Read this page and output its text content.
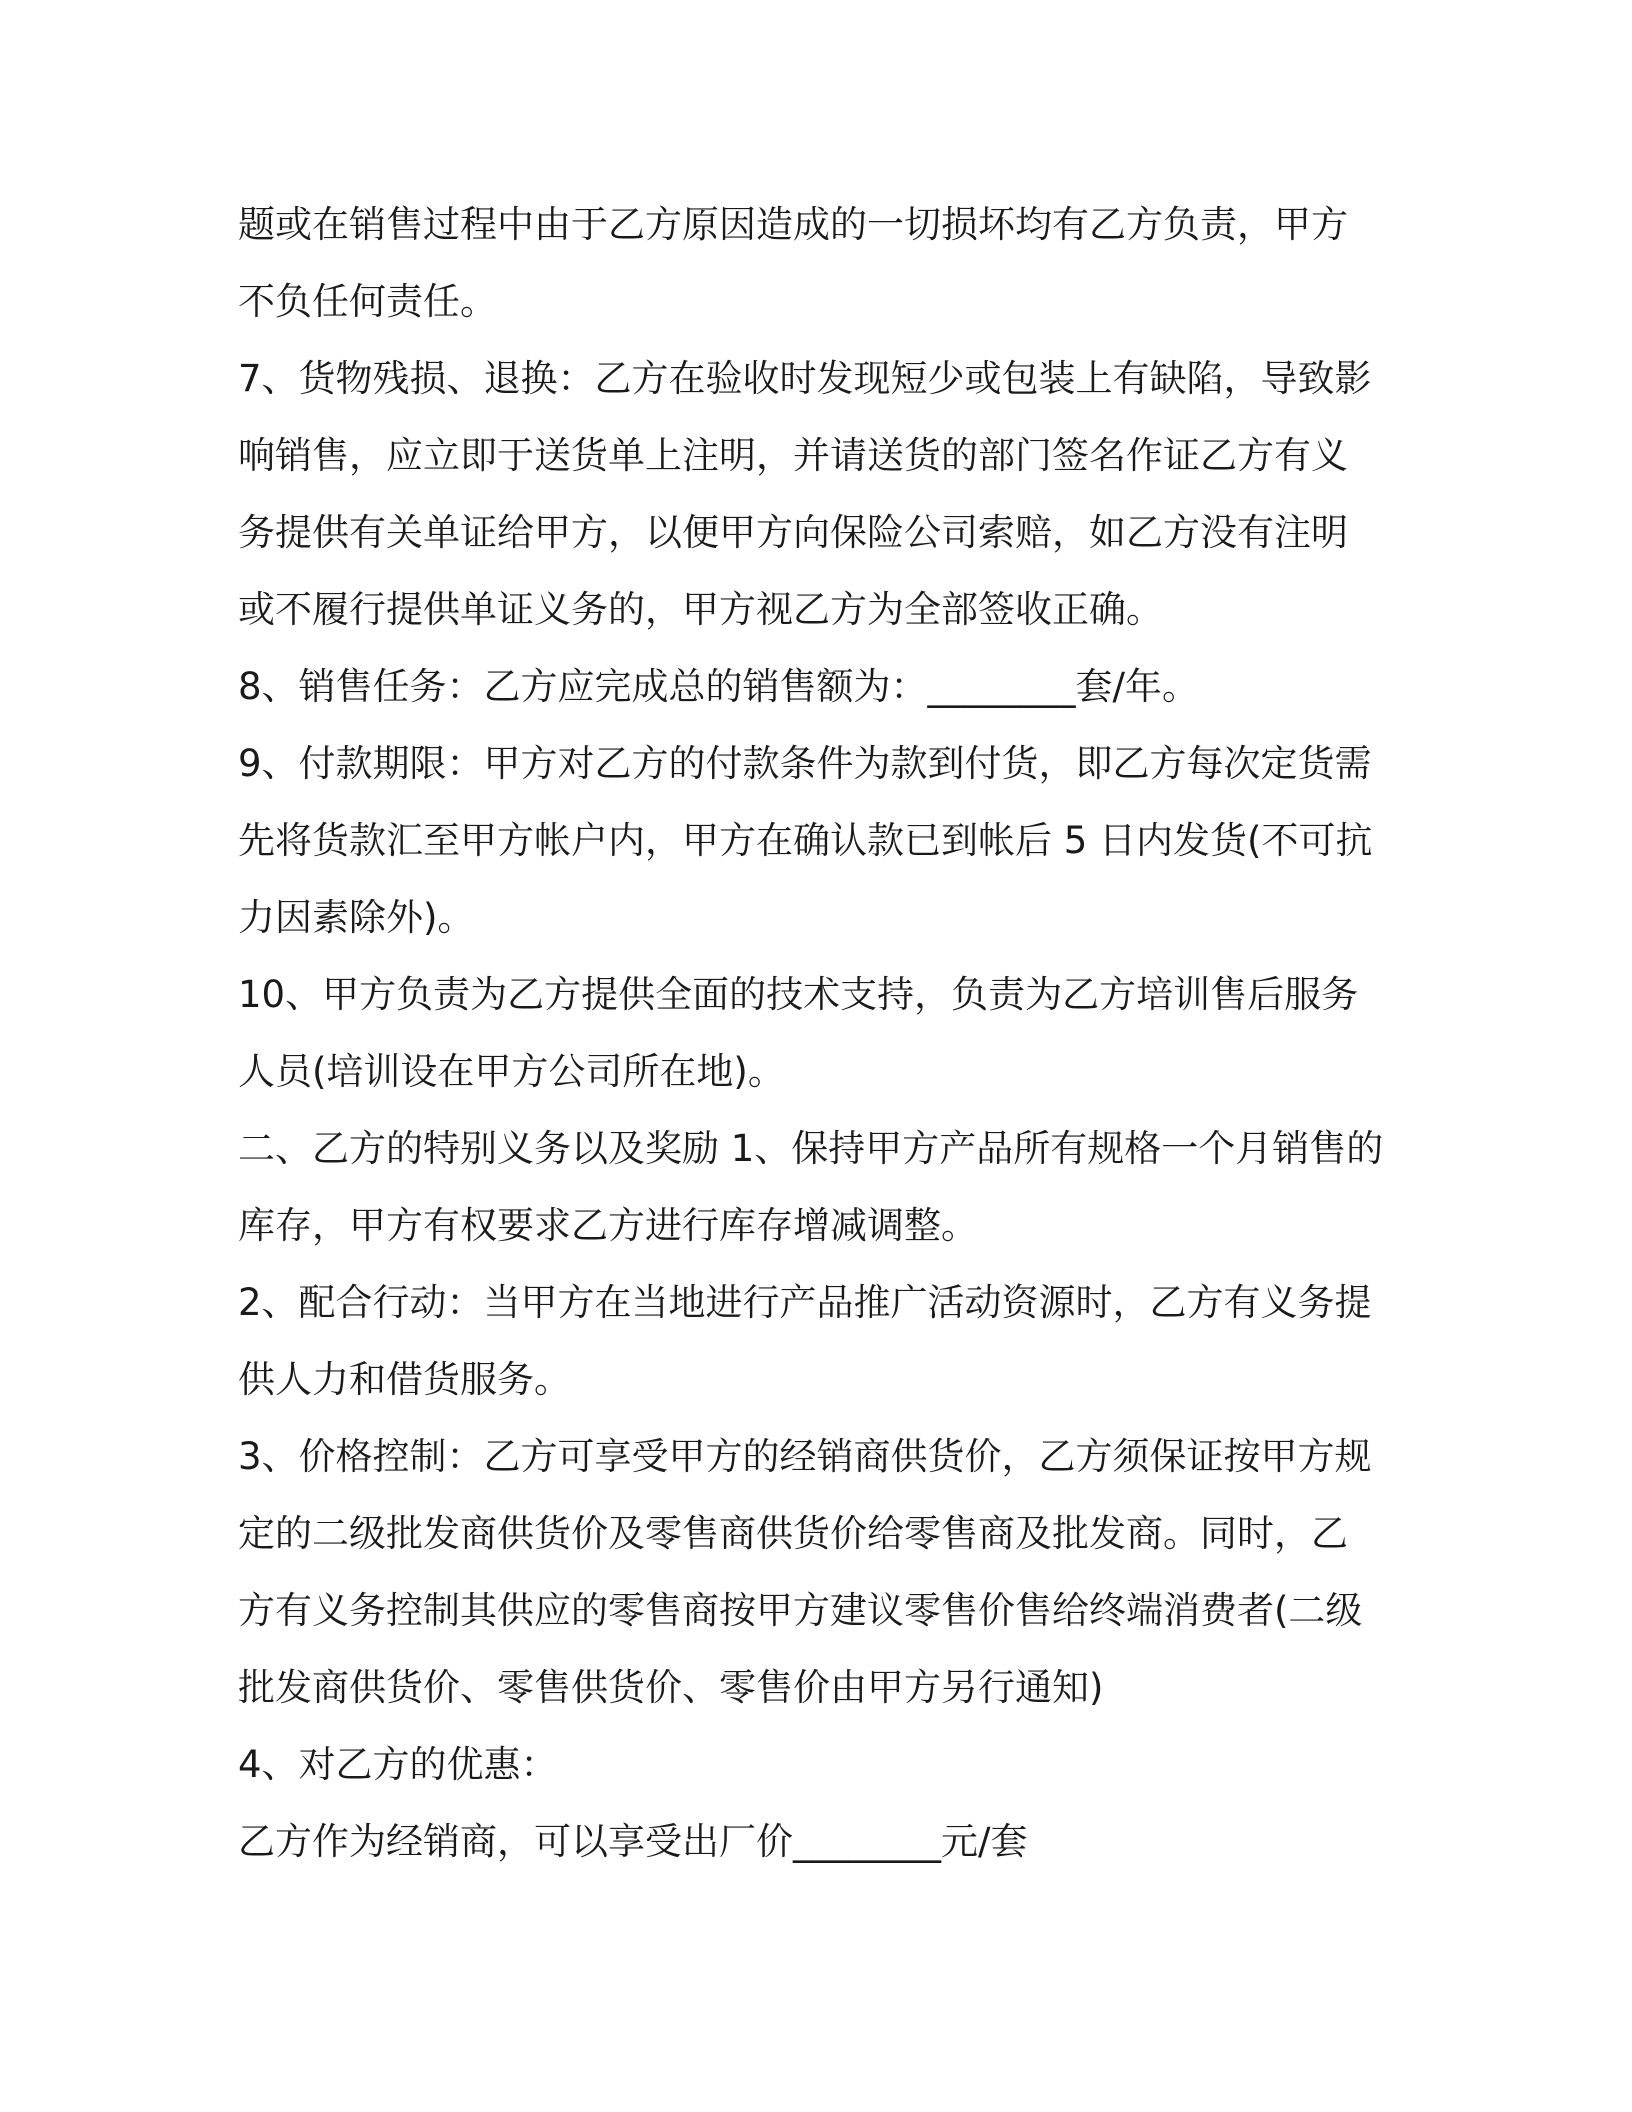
题或在销售过程中由于乙方原因造成的一切损坏均有乙方负责，甲方
不负任何责任。
7、货物残损、退换：乙方在验收时发现短少或包装上有缺陷，导致影
响销售，应立即于送货单上注明，并请送货的部门签名作证乙方有义
务提供有关单证给甲方，以便甲方向保险公司索赔，如乙方没有注明
或不履行提供单证义务的，甲方视乙方为全部签收正确。
8、销售任务：乙方应完成总的销售额为：________套/年。
9、付款期限：甲方对乙方的付款条件为款到付货，即乙方每次定货需
先将货款汇至甲方帐户内，甲方在确认款已到帐后 5 日内发货(不可抗
力因素除外)。
10、甲方负责为乙方提供全面的技术支持，负责为乙方培训售后服务
人员(培训设在甲方公司所在地)。
二、乙方的特别义务以及奖励 1、保持甲方产品所有规格一个月销售的
库存，甲方有权要求乙方进行库存增减调整。
2、配合行动：当甲方在当地进行产品推广活动资源时，乙方有义务提
供人力和借货服务。
3、价格控制：乙方可享受甲方的经销商供货价，乙方须保证按甲方规
定的二级批发商供货价及零售商供货价给零售商及批发商。同时，乙
方有义务控制其供应的零售商按甲方建议零售价售给终端消费者(二级
批发商供货价、零售供货价、零售价由甲方另行通知)
4、对乙方的优惠：
乙方作为经销商，可以享受出厂价________元/套
